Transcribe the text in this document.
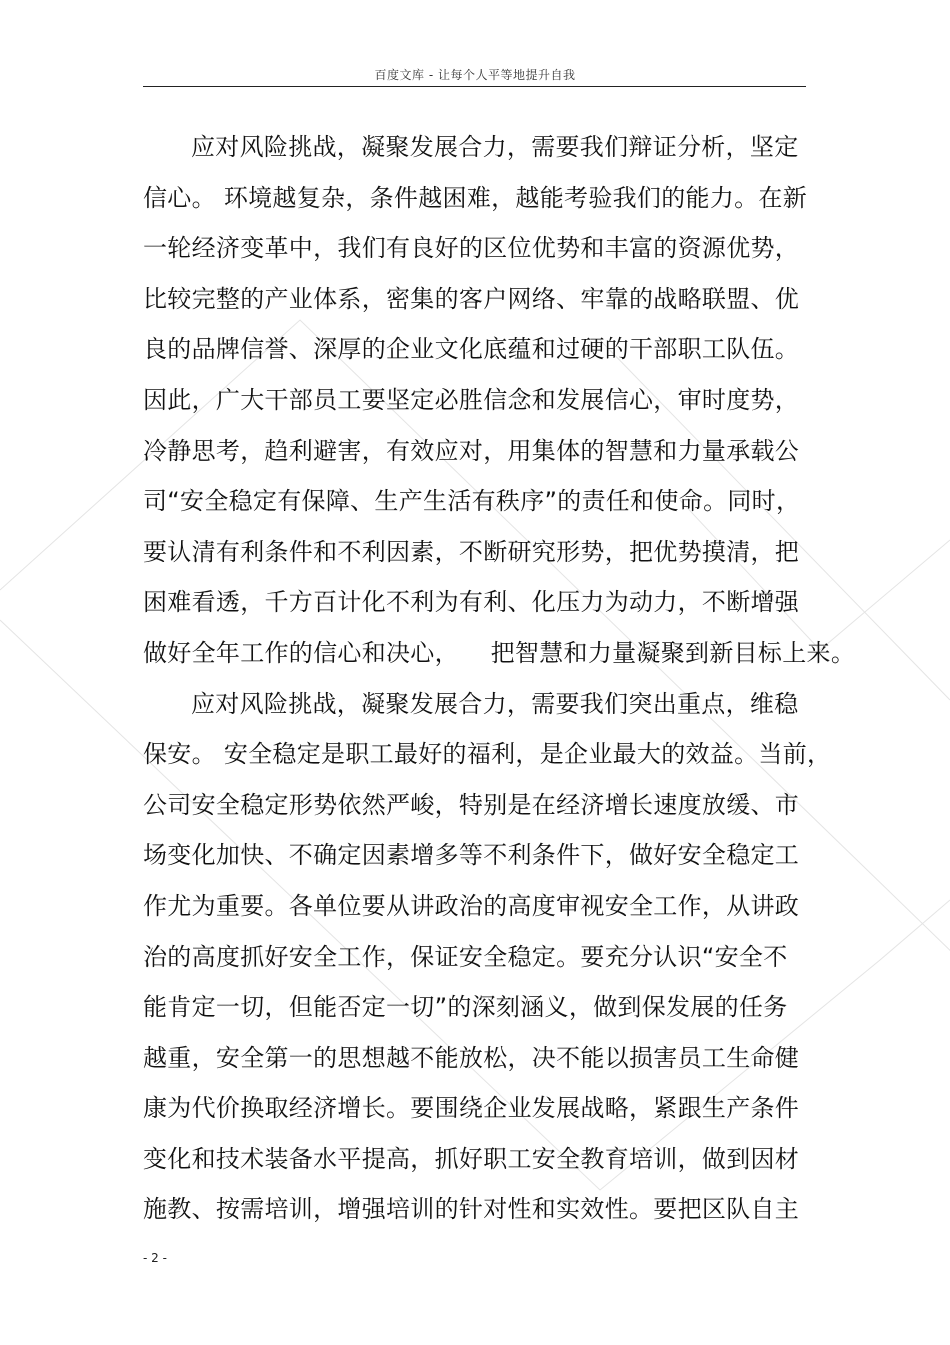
百度文库 - 让每个人平等地提升自我
应对风险挑战，凝聚发展合力，需要我们辩证分析，坚定
信心。 环境越复杂，条件越困难，越能考验我们的能力。在新
一轮经济变革中，我们有良好的区位优势和丰富的资源优势，
比较完整的产业体系，密集的客户网络、牢靠的战略联盟、优
良的品牌信誉、深厚的企业文化底蕴和过硬的干部职工队伍。
因此，广大干部员工要坚定必胜信念和发展信心，审时度势，
冷静思考，趋利避害，有效应对，用集体的智慧和力量承载公
司“安全稳定有保障、生产生活有秩序”的责任和使命。同时，
要认清有利条件和不利因素，不断研究形势，把优势摸清，把
困难看透，千方百计化不利为有利、化压力为动力，不断增强
做好全年工作的信心和决心，    把智慧和力量凝聚到新目标上来。
应对风险挑战，凝聚发展合力，需要我们突出重点，维稳
保安。 安全稳定是职工最好的福利，是企业最大的效益。当前，
公司安全稳定形势依然严峻，特别是在经济增长速度放缓、市
场变化加快、不确定因素增多等不利条件下，做好安全稳定工
作尤为重要。各单位要从讲政治的高度审视安全工作，从讲政
治的高度抓好安全工作，保证安全稳定。要充分认识“安全不
能肯定一切，但能否定一切”的深刻涵义，做到保发展的任务
越重，安全第一的思想越不能放松，决不能以损害员工生命健
康为代价换取经济增长。要围绕企业发展战略，紧跟生产条件
变化和技术装备水平提高，抓好职工安全教育培训，做到因材
施教、按需培训，增强培训的针对性和实效性。要把区队自主
- 2 -
